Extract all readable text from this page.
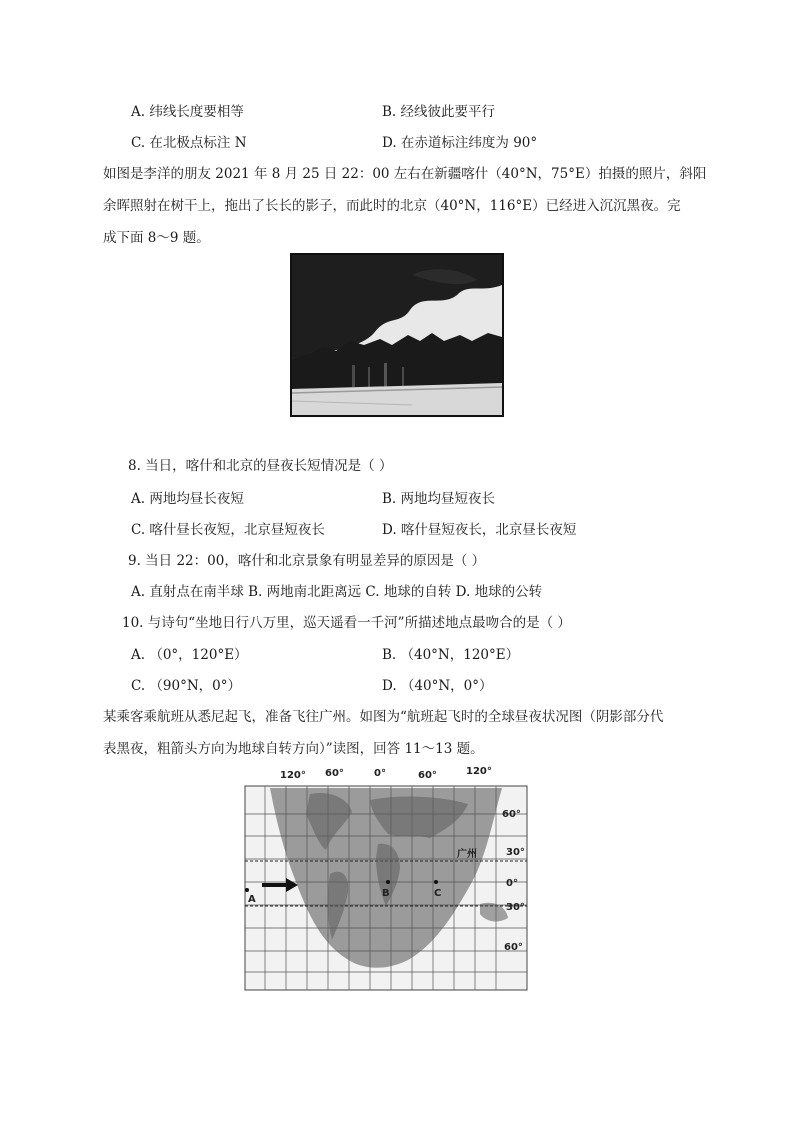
A. 纬线长度要相等	B. 经线彼此要平行
C. 在北极点标注 N	D. 在赤道标注纬度为 90°
如图是李洋的朋友 2021 年 8 月 25 日 22：00 左右在新疆喀什（40°N，75°E）拍摄的照片，斜阳
余晖照射在树干上，拖出了长长的影子，而此时的北京（40°N，116°E）已经进入沉沉黑夜。完
成下面 8～9 题。
8. 当日，喀什和北京的昼夜长短情况是（ ）
A. 两地均昼长夜短	B. 两地均昼短夜长
C. 喀什昼长夜短，北京昼短夜长	D. 喀什昼短夜长，北京昼长夜短
9. 当日 22：00，喀什和北京景象有明显差异的原因是（ ）
A. 直射点在南半球 B. 两地南北距离远 C. 地球的自转 D. 地球的公转
10. 与诗句“坐地日行八万里，巡天遥看一千河”所描述地点最吻合的是（ ）
A. （0°，120°E）	B. （40°N，120°E）
C. （90°N，0°）	D. （40°N，0°）
某乘客乘航班从悉尼起飞，准备飞往广州。如图为“航班起飞时的全球昼夜状况图（阴影部分代
表黑夜，粗箭头方向为地球自转方向）”读图，回答 11～13 题。
A
B	C
广州
120° 60°	0°	60°	120°
60°
30°
0°
30°
60°
